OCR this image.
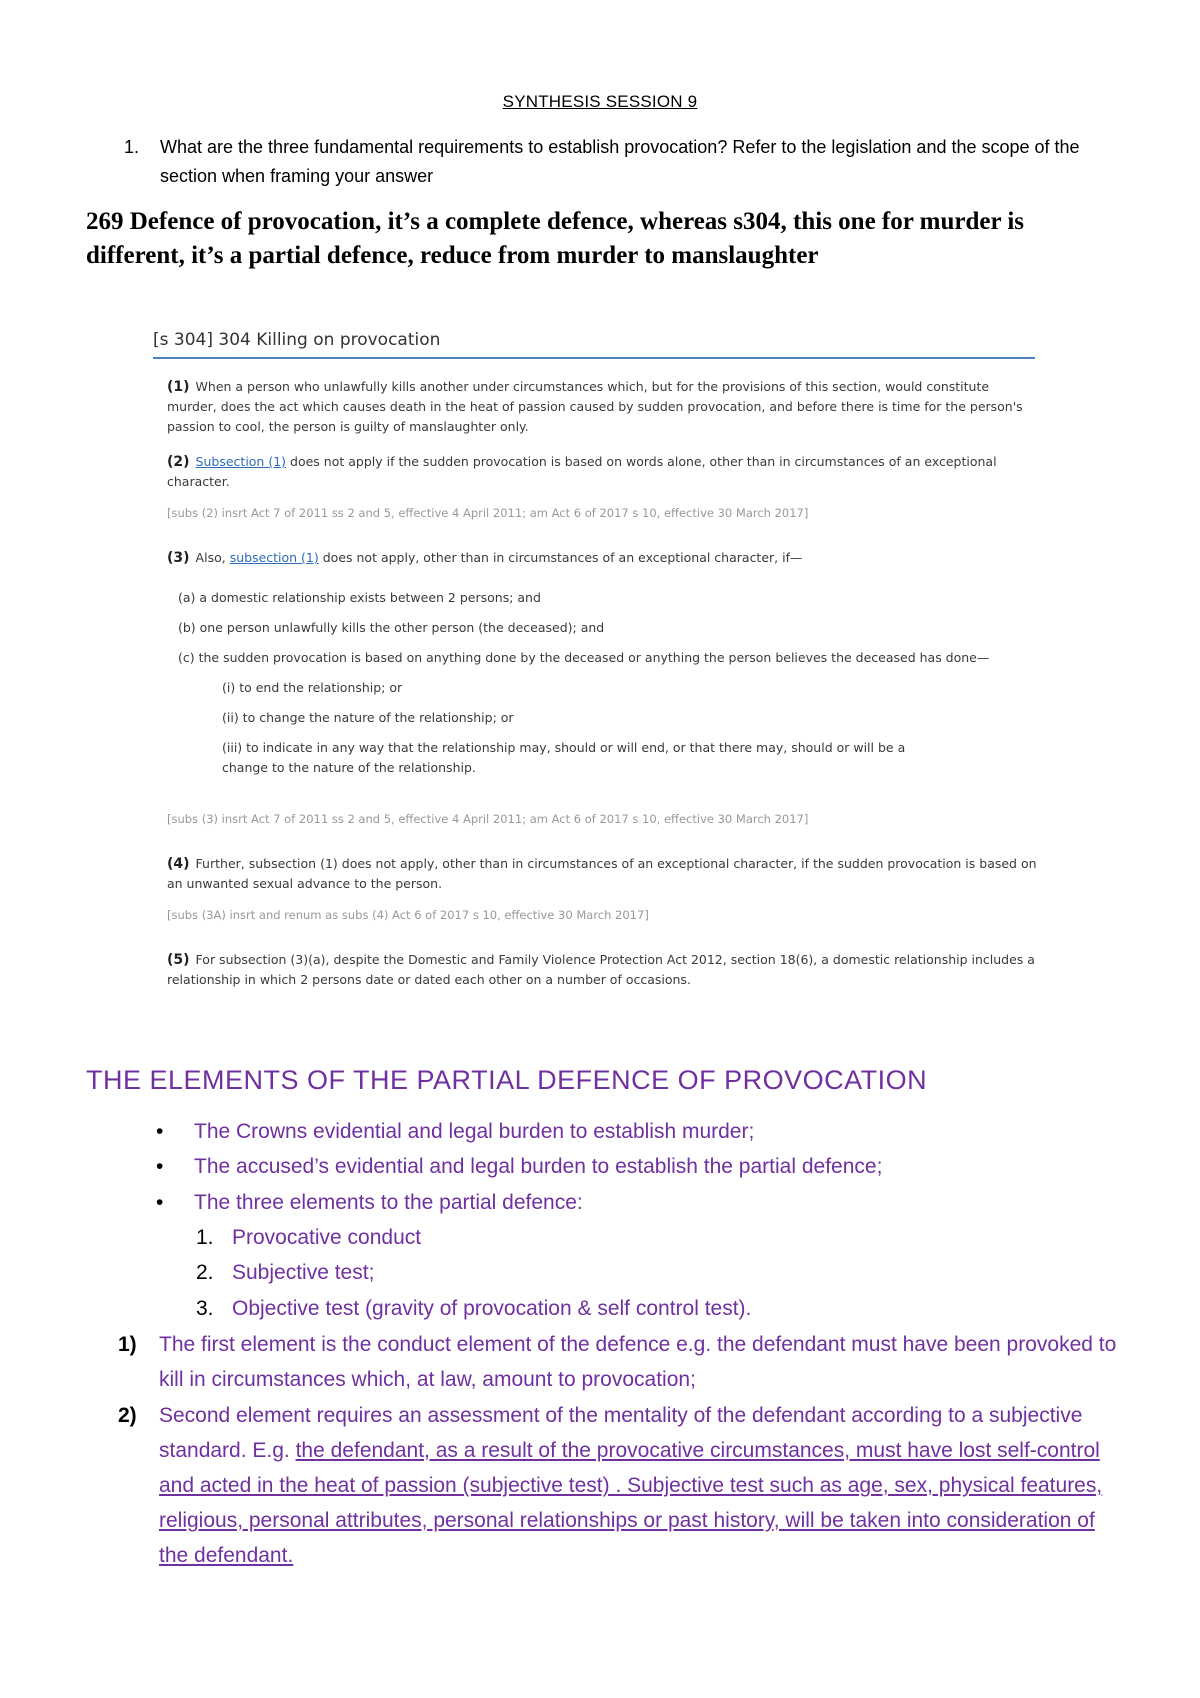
SYNTHESIS SESSION 9
1. What are the three fundamental requirements to establish provocation? Refer to the legislation and the scope of the section when framing your answer
269 Defence of provocation, it’s a complete defence, whereas s304, this one for murder is different, it’s a partial defence, reduce from murder to manslaughter
[s 304] 304 Killing on provocation
(1) When a person who unlawfully kills another under circumstances which, but for the provisions of this section, would constitute murder, does the act which causes death in the heat of passion caused by sudden provocation, and before there is time for the person's passion to cool, the person is guilty of manslaughter only.
(2) Subsection (1) does not apply if the sudden provocation is based on words alone, other than in circumstances of an exceptional character.
[subs (2) insrt Act 7 of 2011 ss 2 and 5, effective 4 April 2011; am Act 6 of 2017 s 10, effective 30 March 2017]
(3) Also, subsection (1) does not apply, other than in circumstances of an exceptional character, if—
(a) a domestic relationship exists between 2 persons; and
(b) one person unlawfully kills the other person (the deceased); and
(c) the sudden provocation is based on anything done by the deceased or anything the person believes the deceased has done—
(i) to end the relationship; or
(ii) to change the nature of the relationship; or
(iii) to indicate in any way that the relationship may, should or will end, or that there may, should or will be a change to the nature of the relationship.
[subs (3) insrt Act 7 of 2011 ss 2 and 5, effective 4 April 2011; am Act 6 of 2017 s 10, effective 30 March 2017]
(4) Further, subsection (1) does not apply, other than in circumstances of an exceptional character, if the sudden provocation is based on an unwanted sexual advance to the person.
[subs (3A) insrt and renum as subs (4) Act 6 of 2017 s 10, effective 30 March 2017]
(5) For subsection (3)(a), despite the Domestic and Family Violence Protection Act 2012, section 18(6), a domestic relationship includes a relationship in which 2 persons date or dated each other on a number of occasions.
THE ELEMENTS OF THE PARTIAL DEFENCE OF PROVOCATION
• The Crowns evidential and legal burden to establish murder;
• The accused’s evidential and legal burden to establish the partial defence;
• The three elements to the partial defence:
1. Provocative conduct
2. Subjective test;
3. Objective test (gravity of provocation & self control test).
1) The first element is the conduct element of the defence e.g. the defendant must have been provoked to kill in circumstances which, at law, amount to provocation;
2) Second element requires an assessment of the mentality of the defendant according to a subjective standard. E.g. the defendant, as a result of the provocative circumstances, must have lost self-control and acted in the heat of passion (subjective test) . Subjective test such as age, sex, physical features, religious, personal attributes, personal relationships or past history, will be taken into consideration of the defendant.
